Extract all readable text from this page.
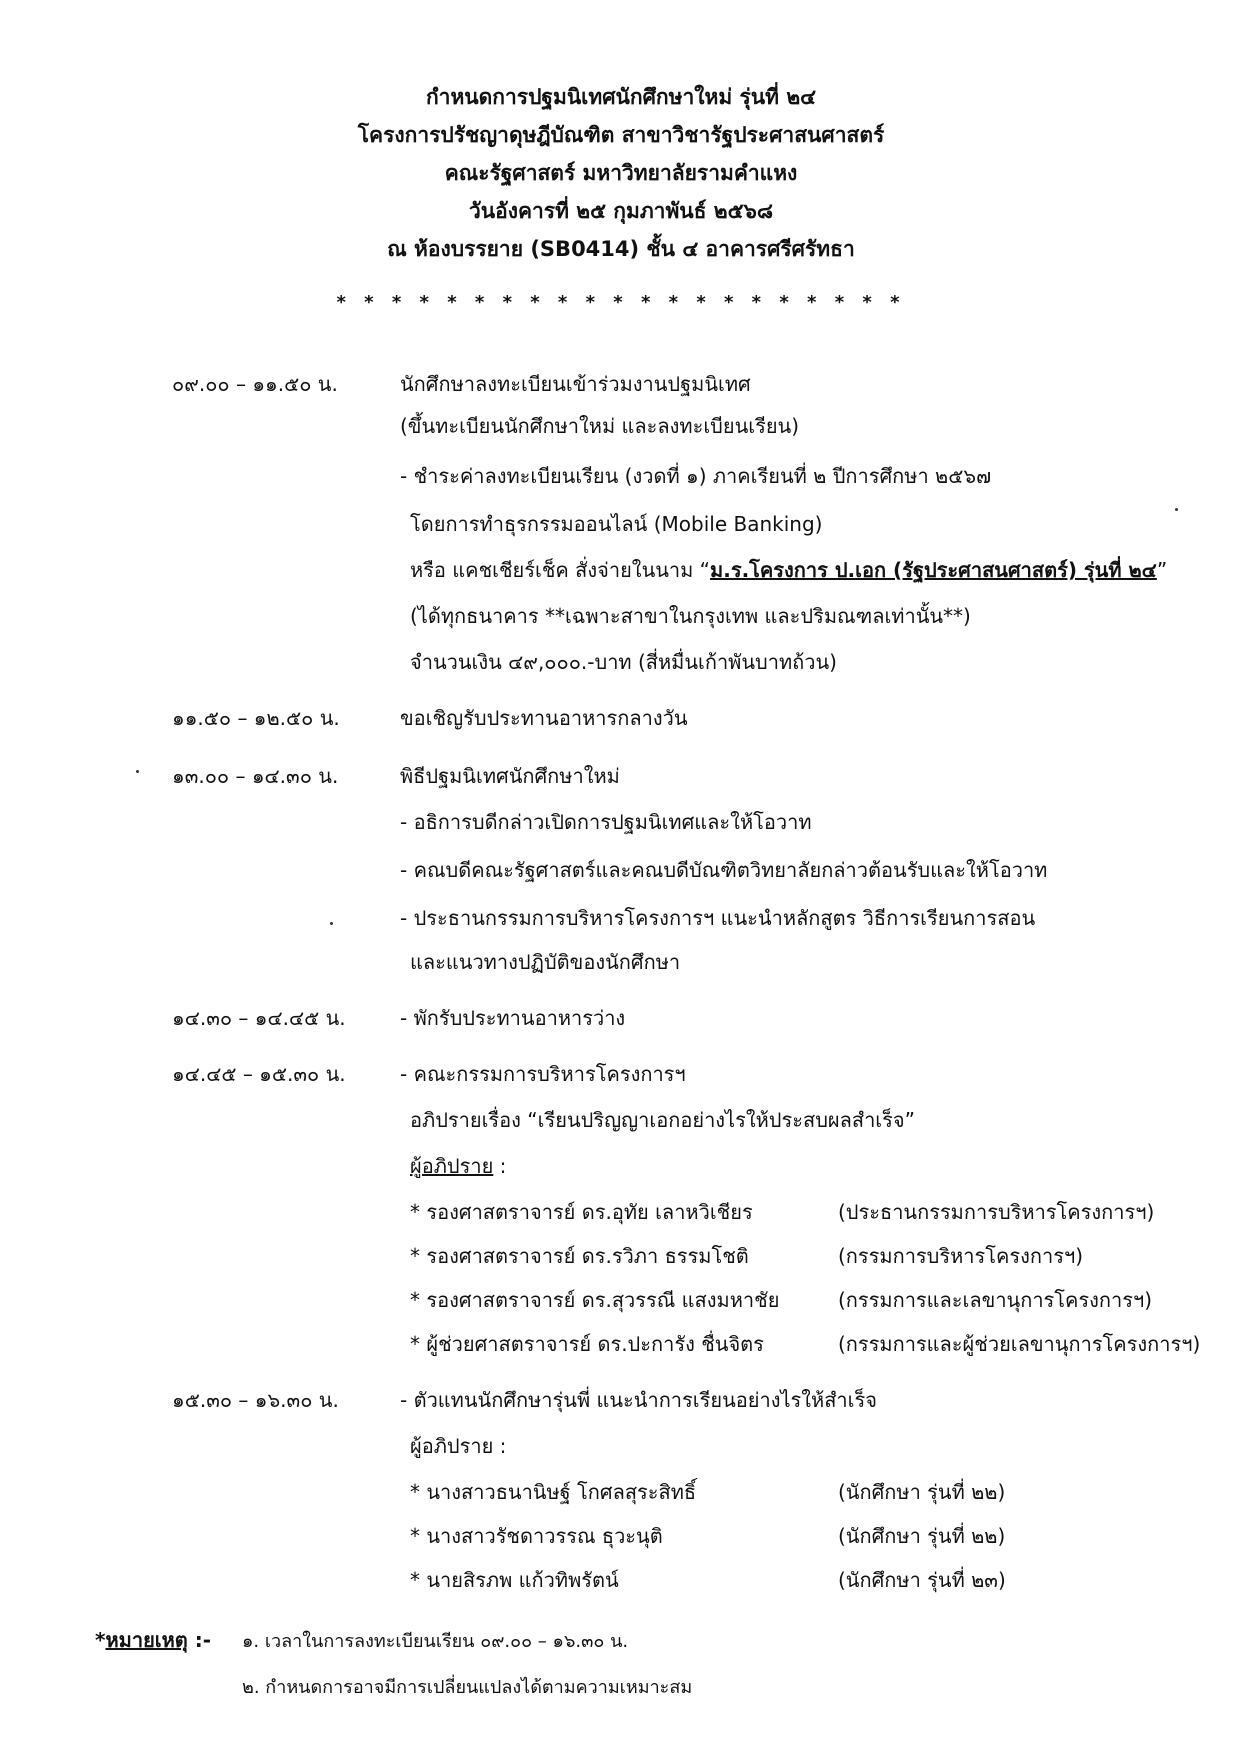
กำหนดการปฐมนิเทศนักศึกษาใหม่ รุ่นที่ ๒๔
โครงการปรัชญาดุษฎีบัณฑิต สาขาวิชารัฐประศาสนศาสตร์
คณะรัฐศาสตร์ มหาวิทยาลัยรามคำแหง
วันอังคารที่ ๒๕ กุมภาพันธ์ ๒๕๖๘
ณ ห้องบรรยาย (SB0414) ชั้น ๔ อาคารศรีศรัทธา
* * * * * * * * * * * * * * * * * * * * *
๐๙.๐๐ – ๑๑.๕๐ น.	นักศึกษาลงทะเบียนเข้าร่วมงานปฐมนิเทศ
(ขึ้นทะเบียนนักศึกษาใหม่ และลงทะเบียนเรียน)
- ชำระค่าลงทะเบียนเรียน (งวดที่ ๑) ภาคเรียนที่ ๒ ปีการศึกษา ๒๕๖๗
โดยการทำธุรกรรมออนไลน์ (Mobile Banking)
หรือ แคชเชียร์เช็ค สั่งจ่ายในนาม “ม.ร.โครงการ ป.เอก (รัฐประศาสนศาสตร์) รุ่นที่ ๒๔”
(ได้ทุกธนาคาร **เฉพาะสาขาในกรุงเทพ และปริมณฑลเท่านั้น**)
จำนวนเงิน ๔๙,๐๐๐.-บาท (สี่หมื่นเก้าพันบาทถ้วน)
๑๑.๕๐ – ๑๒.๕๐ น.	ขอเชิญรับประทานอาหารกลางวัน
๑๓.๐๐ – ๑๔.๓๐ น.	พิธีปฐมนิเทศนักศึกษาใหม่
- อธิการบดีกล่าวเปิดการปฐมนิเทศและให้โอวาท
- คณบดีคณะรัฐศาสตร์และคณบดีบัณฑิตวิทยาลัยกล่าวต้อนรับและให้โอวาท
- ประธานกรรมการบริหารโครงการฯ แนะนำหลักสูตร วิธีการเรียนการสอน
และแนวทางปฏิบัติของนักศึกษา
๑๔.๓๐ – ๑๔.๔๕ น.	- พักรับประทานอาหารว่าง
๑๔.๔๕ – ๑๕.๓๐ น.	- คณะกรรมการบริหารโครงการฯ
อภิปรายเรื่อง “เรียนปริญญาเอกอย่างไรให้ประสบผลสำเร็จ”
ผู้อภิปราย :
* รองศาสตราจารย์ ดร.อุทัย เลาหวิเชียร	(ประธานกรรมการบริหารโครงการฯ)
* รองศาสตราจารย์ ดร.รวิภา ธรรมโชติ	(กรรมการบริหารโครงการฯ)
* รองศาสตราจารย์ ดร.สุวรรณี แสงมหาชัย	(กรรมการและเลขานุการโครงการฯ)
* ผู้ช่วยศาสตราจารย์ ดร.ปะการัง ชื่นจิตร	(กรรมการและผู้ช่วยเลขานุการโครงการฯ)
๑๕.๓๐ – ๑๖.๓๐ น.	- ตัวแทนนักศึกษารุ่นพี่ แนะนำการเรียนอย่างไรให้สำเร็จ
ผู้อภิปราย :
* นางสาวธนานิษฐ์ โกศลสุระสิทธิ์	(นักศึกษา รุ่นที่ ๒๒)
* นางสาวรัชดาวรรณ ธุวะนุติ	(นักศึกษา รุ่นที่ ๒๒)
* นายสิรภพ แก้วทิพรัตน์	(นักศึกษา รุ่นที่ ๒๓)
*หมายเหตุ :- ๑. เวลาในการลงทะเบียนเรียน ๐๙.๐๐ – ๑๖.๓๐ น.
๒. กำหนดการอาจมีการเปลี่ยนแปลงได้ตามความเหมาะสม
